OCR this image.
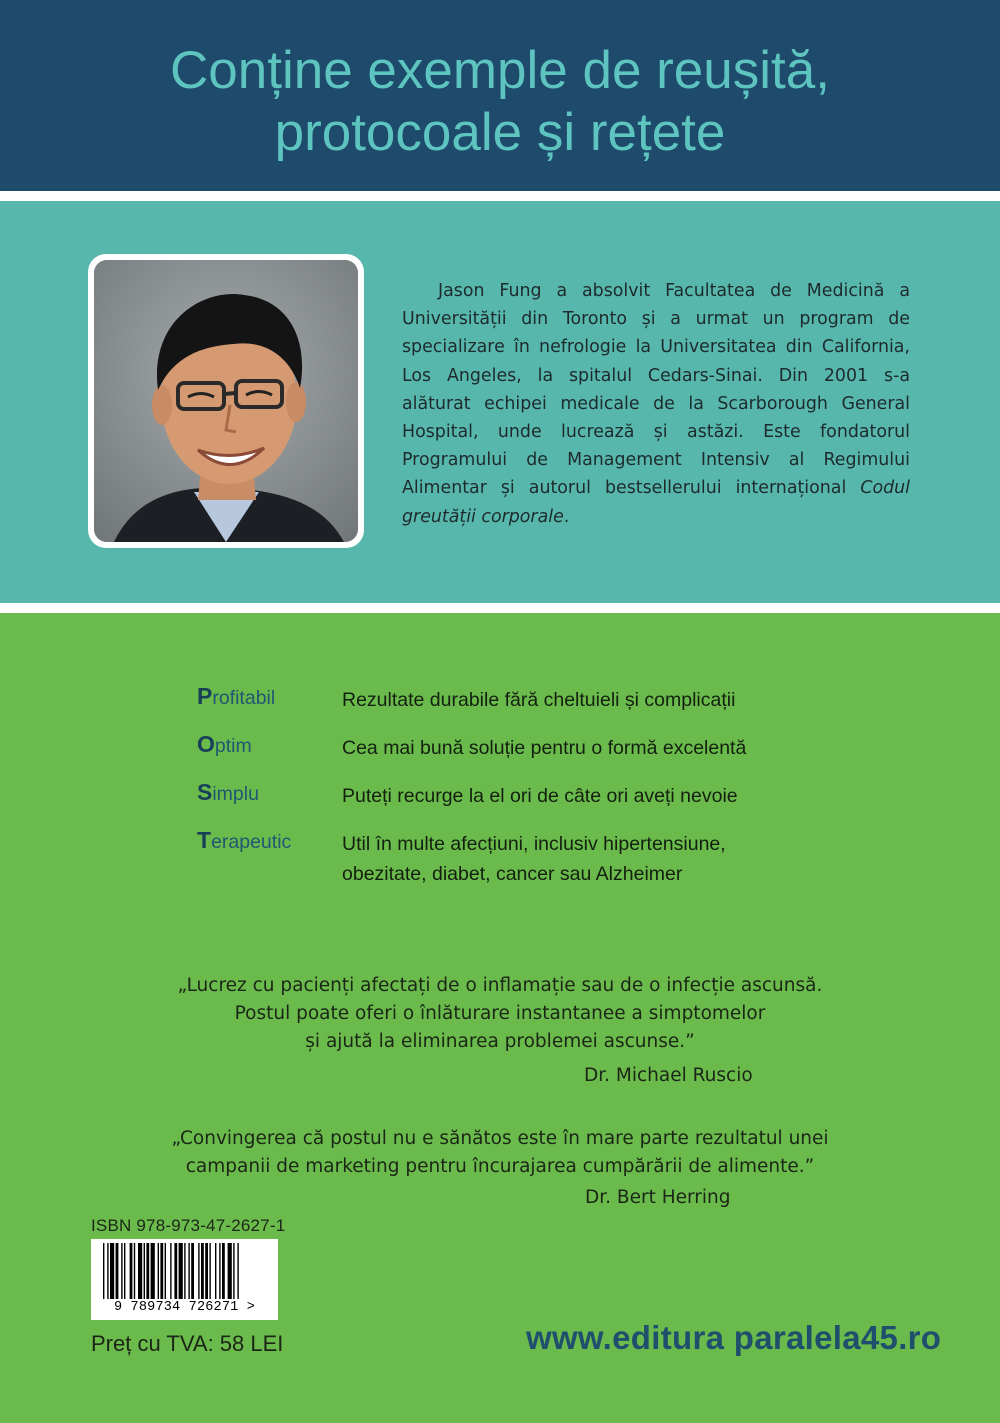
Conține exemple de reușită,
protocoale și rețete
Jason Fung a absolvit Facultatea de Medicină a Universității din Toronto și a urmat un program de specializare în nefrologie la Universitatea din California, Los Angeles, la spitalul Cedars-Sinai. Din 2001 s-a alăturat echipei medicale de la Scarborough General Hospital, unde lucrează și astăzi. Este fondatorul Programului de Management Intensiv al Regimului Alimentar și autorul bestsellerului internațional Codul greutății corporale.
Profitabil	Rezultate durabile fără cheltuieli și complicații
Optim	Cea mai bună soluție pentru o formă excelentă
Simplu	Puteți recurge la el ori de câte ori aveți nevoie
Terapeutic	Util în multe afecțiuni, inclusiv hipertensiune, obezitate, diabet, cancer sau Alzheimer
„Lucrez cu pacienți afectați de o inflamație sau de o infecție ascunsă.
Postul poate oferi o înlăturare instantanee a simptomelor
și ajută la eliminarea problemei ascunse.”
Dr. Michael Ruscio
„Convingerea că postul nu e sănătos este în mare parte rezultatul unei
campanii de marketing pentru încurajarea cumpărării de alimente.”
Dr. Bert Herring
ISBN 978-973-47-2627-1
9 789734 726271 >
Preț cu TVA: 58 LEI	www.editura paralela45.ro
